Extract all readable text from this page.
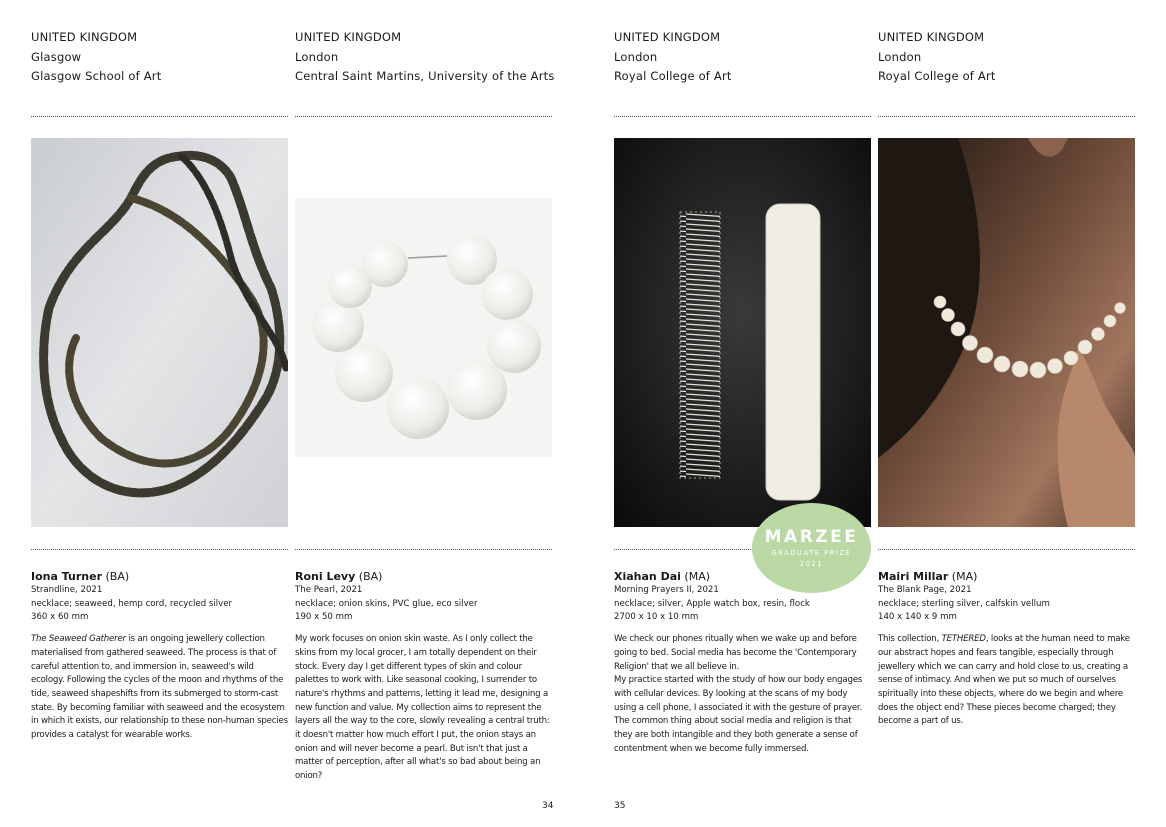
UNITED KINGDOM
Glasgow
Glasgow School of Art
Iona Turner (BA)
Strandline, 2021
necklace; seaweed, hemp cord, recycled silver
360 x 60 mm
The Seaweed Gatherer is an ongoing jewellery collection materialised from gathered seaweed. The process is that of careful attention to, and immersion in, seaweed's wild ecology. Following the cycles of the moon and rhythms of the tide, seaweed shapeshifts from its submerged to storm-cast state. By becoming familiar with seaweed and the ecosystem in which it exists, our relationship to these non-human species provides a catalyst for wearable works.
UNITED KINGDOM
London
Central Saint Martins, University of the Arts
Roni Levy (BA)
The Pearl, 2021
necklace; onion skins, PVC glue, eco silver
190 x 50 mm
My work focuses on onion skin waste. As I only collect the skins from my local grocer, I am totally dependent on their stock. Every day I get different types of skin and colour palettes to work with. Like seasonal cooking, I surrender to nature's rhythms and patterns, letting it lead me, designing a new function and value. My collection aims to represent the layers all the way to the core, slowly revealing a central truth: it doesn't matter how much effort I put, the onion stays an onion and will never become a pearl. But isn't that just a matter of perception, after all what's so bad about being an onion?
34	35
UNITED KINGDOM
London
Royal College of Art
Xiahan Dai (MA)
Morning Prayers II, 2021
necklace; silver, Apple watch box, resin, flock
2700 x 10 x 10 mm
We check our phones ritually when we wake up and before going to bed. Social media has become the 'Contemporary Religion' that we all believe in.
My practice started with the study of how our body engages with cellular devices. By looking at the scans of my body using a cell phone, I associated it with the gesture of prayer. The common thing about social media and religion is that they are both intangible and they both generate a sense of contentment when we become fully immersed.
UNITED KINGDOM
London
Royal College of Art
Mairi Millar (MA)
The Blank Page, 2021
necklace; sterling silver, calfskin vellum
140 x 140 x 9 mm
This collection, TETHERED, looks at the human need to make our abstract hopes and fears tangible, especially through jewellery which we can carry and hold close to us, creating a sense of intimacy. And when we put so much of ourselves spiritually into these objects, where do we begin and where does the object end? These pieces become charged; they become a part of us.
MARZEE
GRADUATE PRIZE
2021
